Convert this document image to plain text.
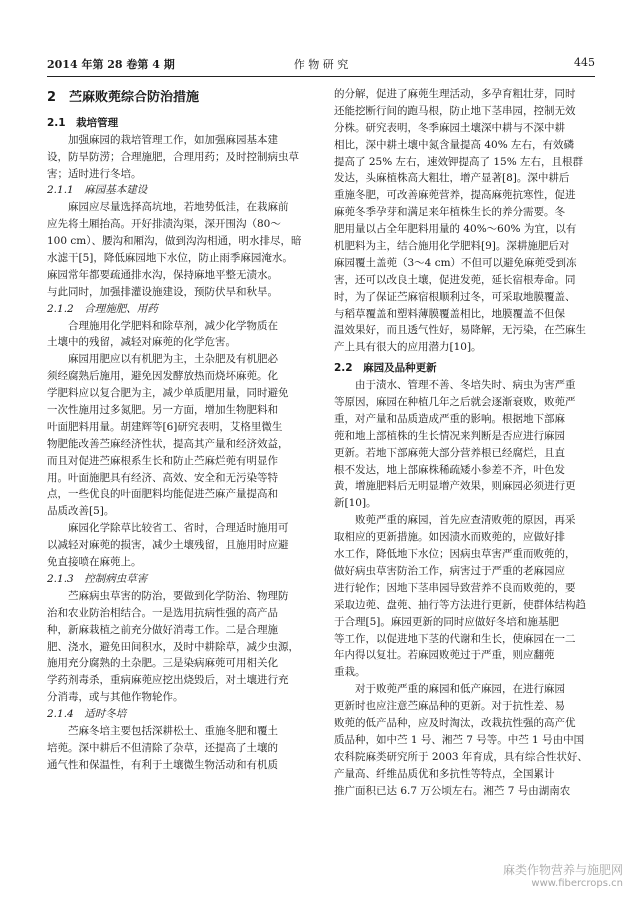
2014 年第 28 卷第 4 期	作 物 研 究	445
2　苎麻败蔸综合防治措施
2.1　栽培管理
加强麻园的栽培管理工作，如加强麻园基本建
设，防旱防涝；合理施肥，合理用药；及时控制病虫草
害；适时进行冬培。
2.1.1　麻园基本建设
麻园应尽量选择高坑地，若地势低洼，在栽麻前
应先将土厢抬高。开好排渍沟渠，深开围沟（80～
100 cm）、腰沟和厢沟，做到沟沟相通，明水排尽，暗
水滤干[5]，降低麻园地下水位，防止雨季麻园淹水。
麻园常年都要疏通排水沟，保持麻地平整无渍水。
与此同时，加强排灌设施建设，预防伏旱和秋旱。
2.1.2　合理施肥、用药
合理施用化学肥料和除草剂，减少化学物质在
土壤中的残留，减轻对麻蔸的化学危害。
麻园用肥应以有机肥为主，土杂肥及有机肥必
须经腐熟后施用，避免因发酵放热而烧坏麻蔸。化
学肥料应以复合肥为主，减少单质肥用量，同时避免
一次性施用过多氮肥。另一方面，增加生物肥料和
叶面肥料用量。胡建辉等[6]研究表明，艾格里微生
物肥能改善苎麻经济性状，提高其产量和经济效益，
而且对促进苎麻根系生长和防止苎麻烂蔸有明显作
用。叶面施肥具有经济、高效、安全和无污染等特
点，一些优良的叶面肥料均能促进苎麻产量提高和
品质改善[5]。
麻园化学除草比较省工、省时，合理适时施用可
以减轻对麻蔸的损害，减少土壤残留，且施用时应避
免直接喷在麻蔸上。
2.1.3　控制病虫草害
苎麻病虫草害的防治，要做到化学防治、物理防
治和农业防治相结合。一是选用抗病性强的高产品
种，新麻栽植之前充分做好消毒工作。二是合理施
肥、浇水，避免田间积水，及时中耕除草，减少虫源，
施用充分腐熟的土杂肥。三是染病麻蔸可用相关化
学药剂毒杀，重病麻蔸应挖出烧毁后，对土壤进行充
分消毒，或与其他作物轮作。
2.1.4　适时冬培
苎麻冬培主要包括深耕松土、重施冬肥和覆土
培蔸。深中耕后不但清除了杂草，还提高了土壤的
通气性和保温性，有利于土壤微生物活动和有机质
的分解，促进了麻蔸生理活动，多孕育粗壮芽，同时
还能挖断行间的跑马根，防止地下茎串园，控制无效
分株。研究表明，冬季麻园土壤深中耕与不深中耕
相比，深中耕土壤中氮含量提高 40% 左右，有效磷
提高了 25% 左右，速效钾提高了 15% 左右，且根群
发达，头麻植株高大粗壮，增产显著[8]。深中耕后
重施冬肥，可改善麻蔸营养，提高麻蔸抗寒性，促进
麻蔸冬季孕芽和满足来年植株生长的养分需要。冬
肥用量以占全年肥料用量的 40%～60% 为宜，以有
机肥料为主，结合施用化学肥料[9]。深耕施肥后对
麻园覆土盖蔸（3～4 cm）不但可以避免麻蔸受到冻
害，还可以改良土壤，促进发蔸，延长宿根寿命。同
时，为了保证苎麻宿根顺利过冬，可采取地膜覆盖、
与稻草覆盖和塑料薄膜覆盖相比，地膜覆盖不但保
温效果好，而且透气性好，易降解，无污染，在苎麻生
产上具有很大的应用潜力[10]。
2.2　麻园及品种更新
由于渍水、管理不善、冬培失时、病虫为害严重
等原因，麻园在种植几年之后就会逐渐衰败，败蔸严
重，对产量和品质造成严重的影响。根据地下部麻
蔸和地上部植株的生长情况来判断是否应进行麻园
更新。若地下部麻蔸大部分营养根已经腐烂，且直
根不发达，地上部麻株稀疏矮小参差不齐，叶色发
黄，增施肥料后无明显增产效果，则麻园必须进行更
新[10]。
败蔸严重的麻园，首先应查清败蔸的原因，再采
取相应的更新措施。如因渍水而败蔸的，应做好排
水工作，降低地下水位；因病虫草害严重而败蔸的，
做好病虫草害防治工作，病害过于严重的老麻园应
进行轮作；因地下茎串园导致营养不良而败蔸的，要
采取边蔸、盘蔸、抽行等方法进行更新，使群体结构趋
于合理[5]。麻园更新的同时应做好冬培和施基肥
等工作，以促进地下茎的代谢和生长，使麻园在一二
年内得以复壮。若麻园败蔸过于严重，则应翻蔸
重栽。
对于败蔸严重的麻园和低产麻园，在进行麻园
更新时也应注意苎麻品种的更新。对于抗性差、易
败蔸的低产品种，应及时淘汰，改栽抗性强的高产优
质品种，如中苎 1 号、湘苎 7 号等。中苎 1 号由中国
农科院麻类研究所于 2003 年育成，具有综合性状好、
产量高、纤维品质优和多抗性等特点，全国累计
推广面积已达 6.7 万公顷左右。湘苎 7 号由湖南农
麻类作物营养与施肥网
www.fibercrops.cn
